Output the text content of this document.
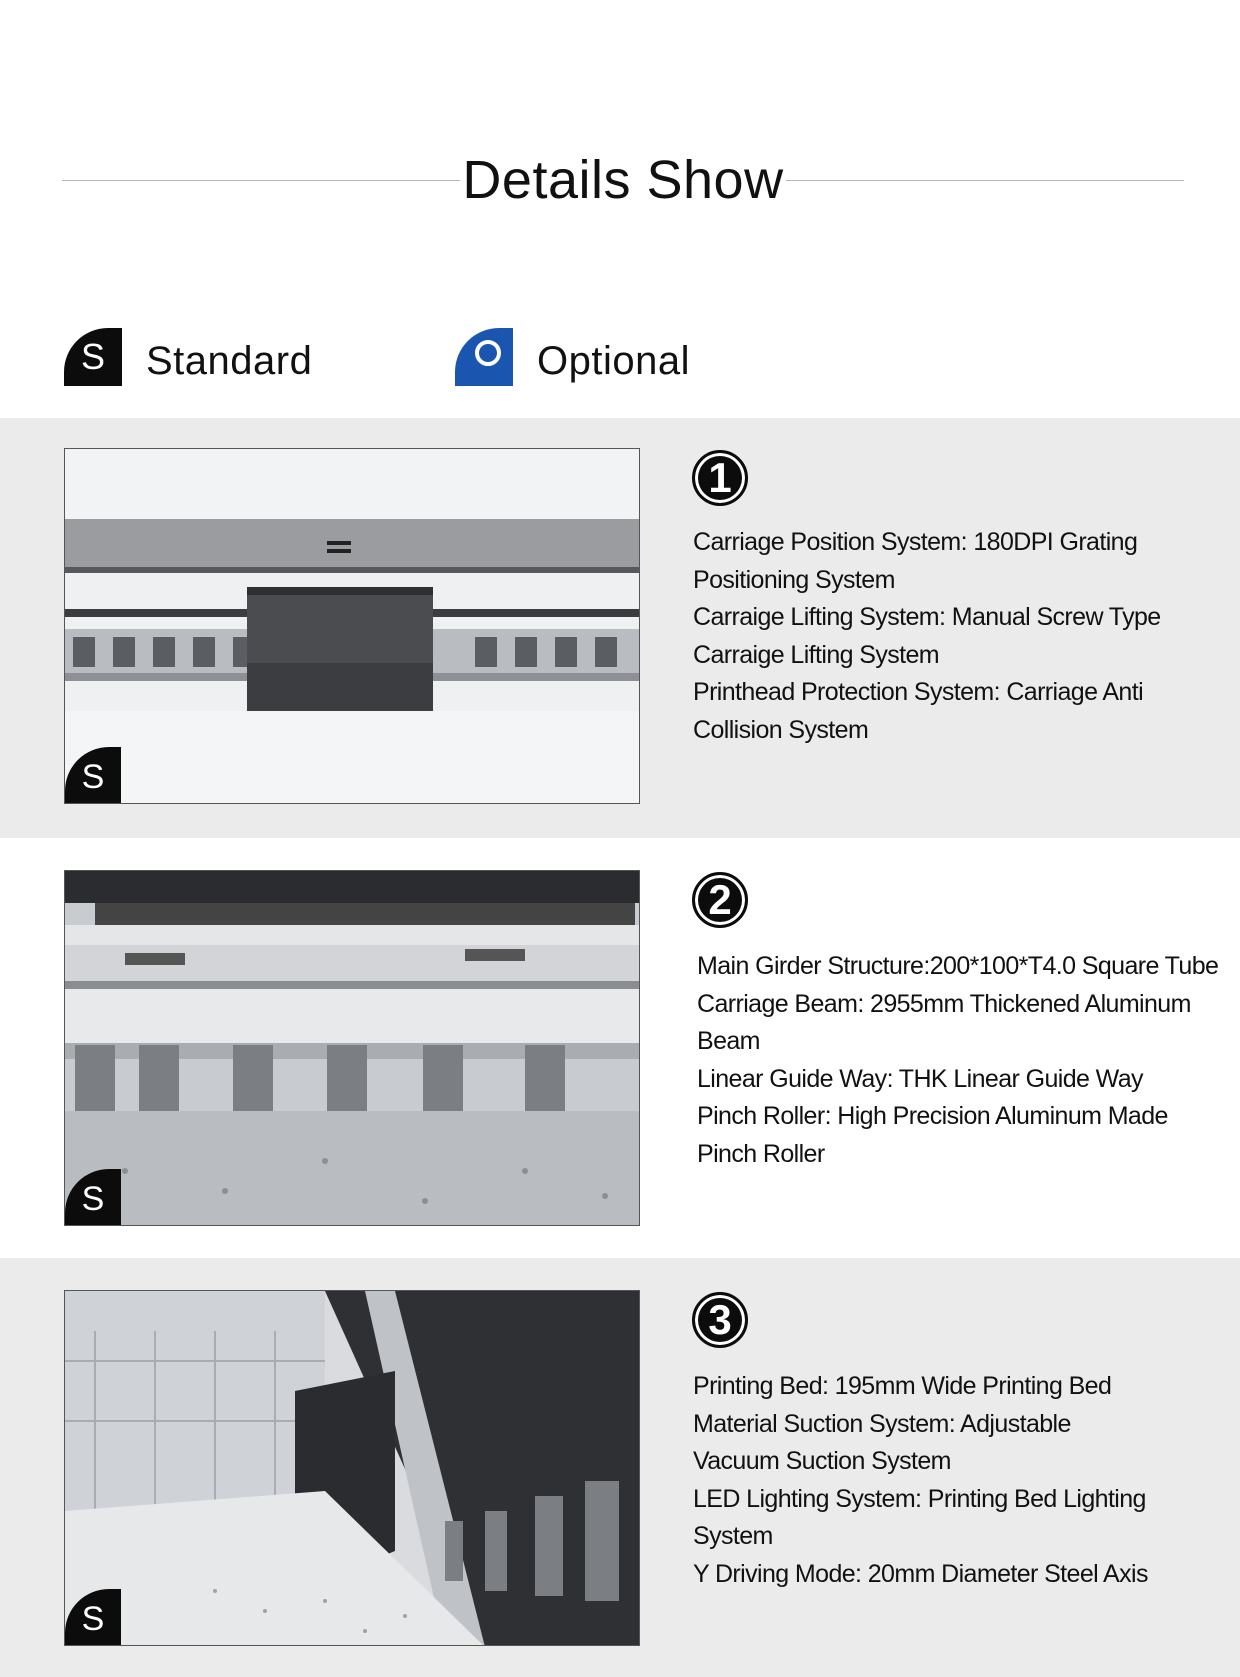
Details Show
S	Standard	Optional
S
1

Carriage Position System: 180DPI Grating

Positioning System

Carraige Lifting System: Manual Screw Type

Carraige Lifting System

Printhead Protection System: Carriage Anti

Collision System

S
2

Main Girder Structure:200*100*T4.0 Square Tube

Carriage Beam: 2955mm Thickened Aluminum

Beam

Linear Guide Way: THK Linear Guide Way

Pinch Roller: High Precision Aluminum Made

Pinch Roller

S
3

Printing Bed: 195mm Wide Printing Bed

Material Suction System: Adjustable

Vacuum Suction System

LED Lighting System: Printing Bed Lighting

System

Y Driving Mode: 20mm Diameter Steel Axis
